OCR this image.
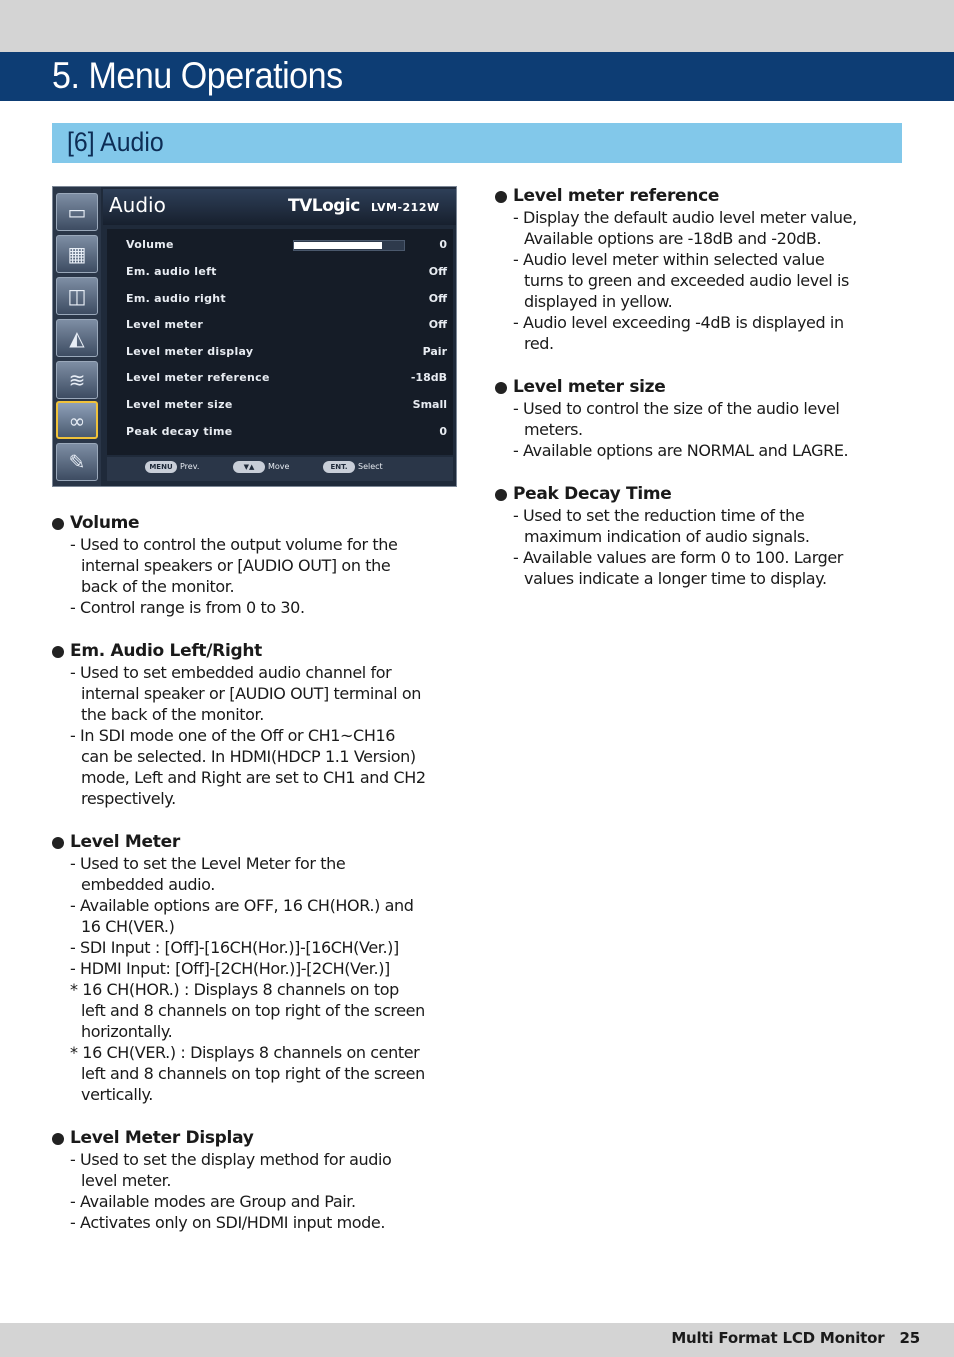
5. Menu Operations
[6] Audio
▭
▦
◫
◭
≋
∞
✎
Audio	TVLogic LVM-212W
Volume	0
Em. audio left	Off
Em. audio right	Off
Level meter	Off
Level meter display	Pair
Level meter reference	-18dB
Level meter size	Small
Peak decay time	0
MENU Prev.	▼▲	Move	ENT.	Select
Volume
- Used to control the output volume for the
internal speakers or [AUDIO OUT] on the
back of the monitor.
- Control range is from 0 to 30.
Em. Audio Left/Right
- Used to set embedded audio channel for
internal speaker or [AUDIO OUT] terminal on
the back of the monitor.
- In SDI mode one of the Off or CH1~CH16
can be selected. In HDMI(HDCP 1.1 Version)
mode, Left and Right are set to CH1 and CH2
respectively.
Level Meter
- Used to set the Level Meter for the
embedded audio.
- Available options are OFF, 16 CH(HOR.) and
16 CH(VER.)
- SDI Input : [Off]-[16CH(Hor.)]-[16CH(Ver.)]
- HDMI Input: [Off]-[2CH(Hor.)]-[2CH(Ver.)]
* 16 CH(HOR.) : Displays 8 channels on top
left and 8 channels on top right of the screen
horizontally.
* 16 CH(VER.) : Displays 8 channels on center
left and 8 channels on top right of the screen
vertically.
Level Meter Display
- Used to set the display method for audio
level meter.
- Available modes are Group and Pair.
- Activates only on SDI/HDMI input mode.
Level meter reference
- Display the default audio level meter value,
Available options are -18dB and -20dB.
- Audio level meter within selected value
turns to green and exceeded audio level is
displayed in yellow.
- Audio level exceeding -4dB is displayed in
red.
Level meter size
- Used to control the size of the audio level
meters.
- Available options are NORMAL and LAGRE.
Peak Decay Time
- Used to set the reduction time of the
maximum indication of audio signals.
- Available values are form 0 to 100. Larger
values indicate a longer time to display.
Multi Format LCD Monitor   25
